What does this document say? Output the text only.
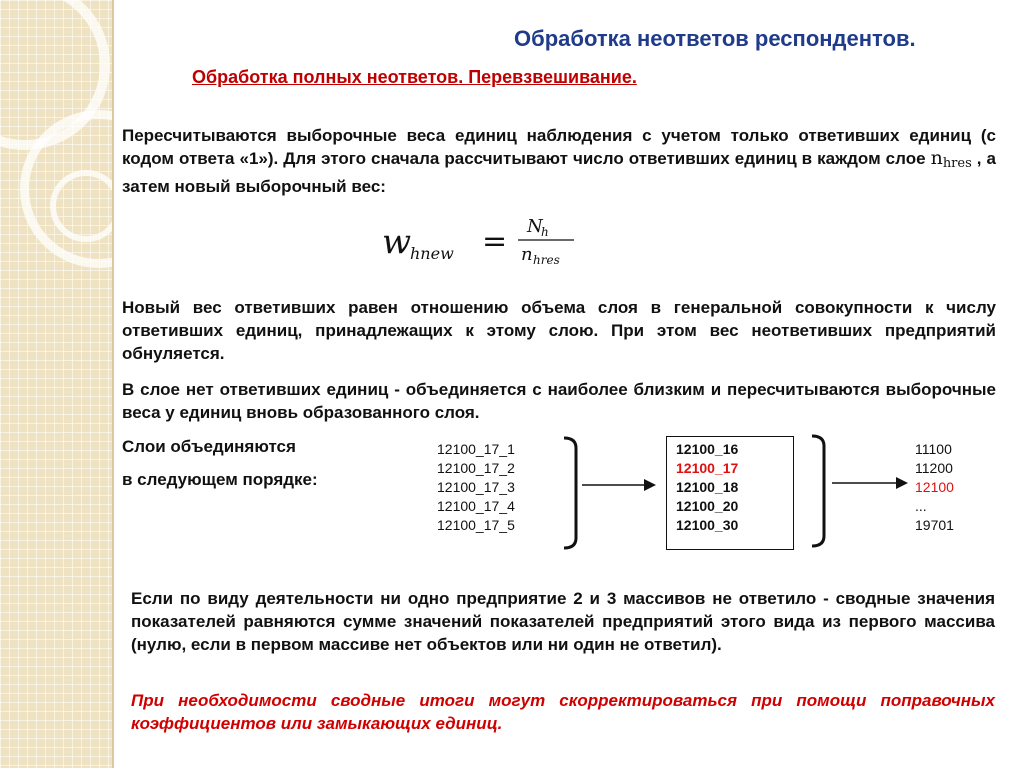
Обработка неответов респондентов.
Обработка полных неответов. Перевзвешивание.
Пересчитываются выборочные веса единиц наблюдения с учетом только ответивших единиц (с кодом ответа «1»). Для этого сначала рассчитывают число ответивших единиц в каждом слое $n_{hres}$ , а затем новый выборочный вес:
w
hnew = N
h
n hres
Новый вес ответивших равен отношению объема слоя в генеральной совокупности к числу ответивших единиц, принадлежащих к этому слою. При этом вес неответивших предприятий обнуляется.
В слое нет ответивших единиц - объединяется с наиболее близким и пересчитываются выборочные веса у единиц вновь образованного слоя.
Слои объединяются
в следующем порядке:
12100_17_1
12100_17_2
12100_17_3
12100_17_4
12100_17_5
12100_16
12100_17
12100_18
12100_20
12100_30
11100
11200
12100
...
19701
Если по виду деятельности ни одно предприятие 2 и 3 массивов не ответило - сводные значения показателей равняются сумме значений показателей предприятий этого вида из первого массива (нулю, если в первом массиве нет объектов или ни один не ответил).
При необходимости сводные итоги могут скорректироваться при помощи поправочных коэффициентов или замыкающих единиц.
